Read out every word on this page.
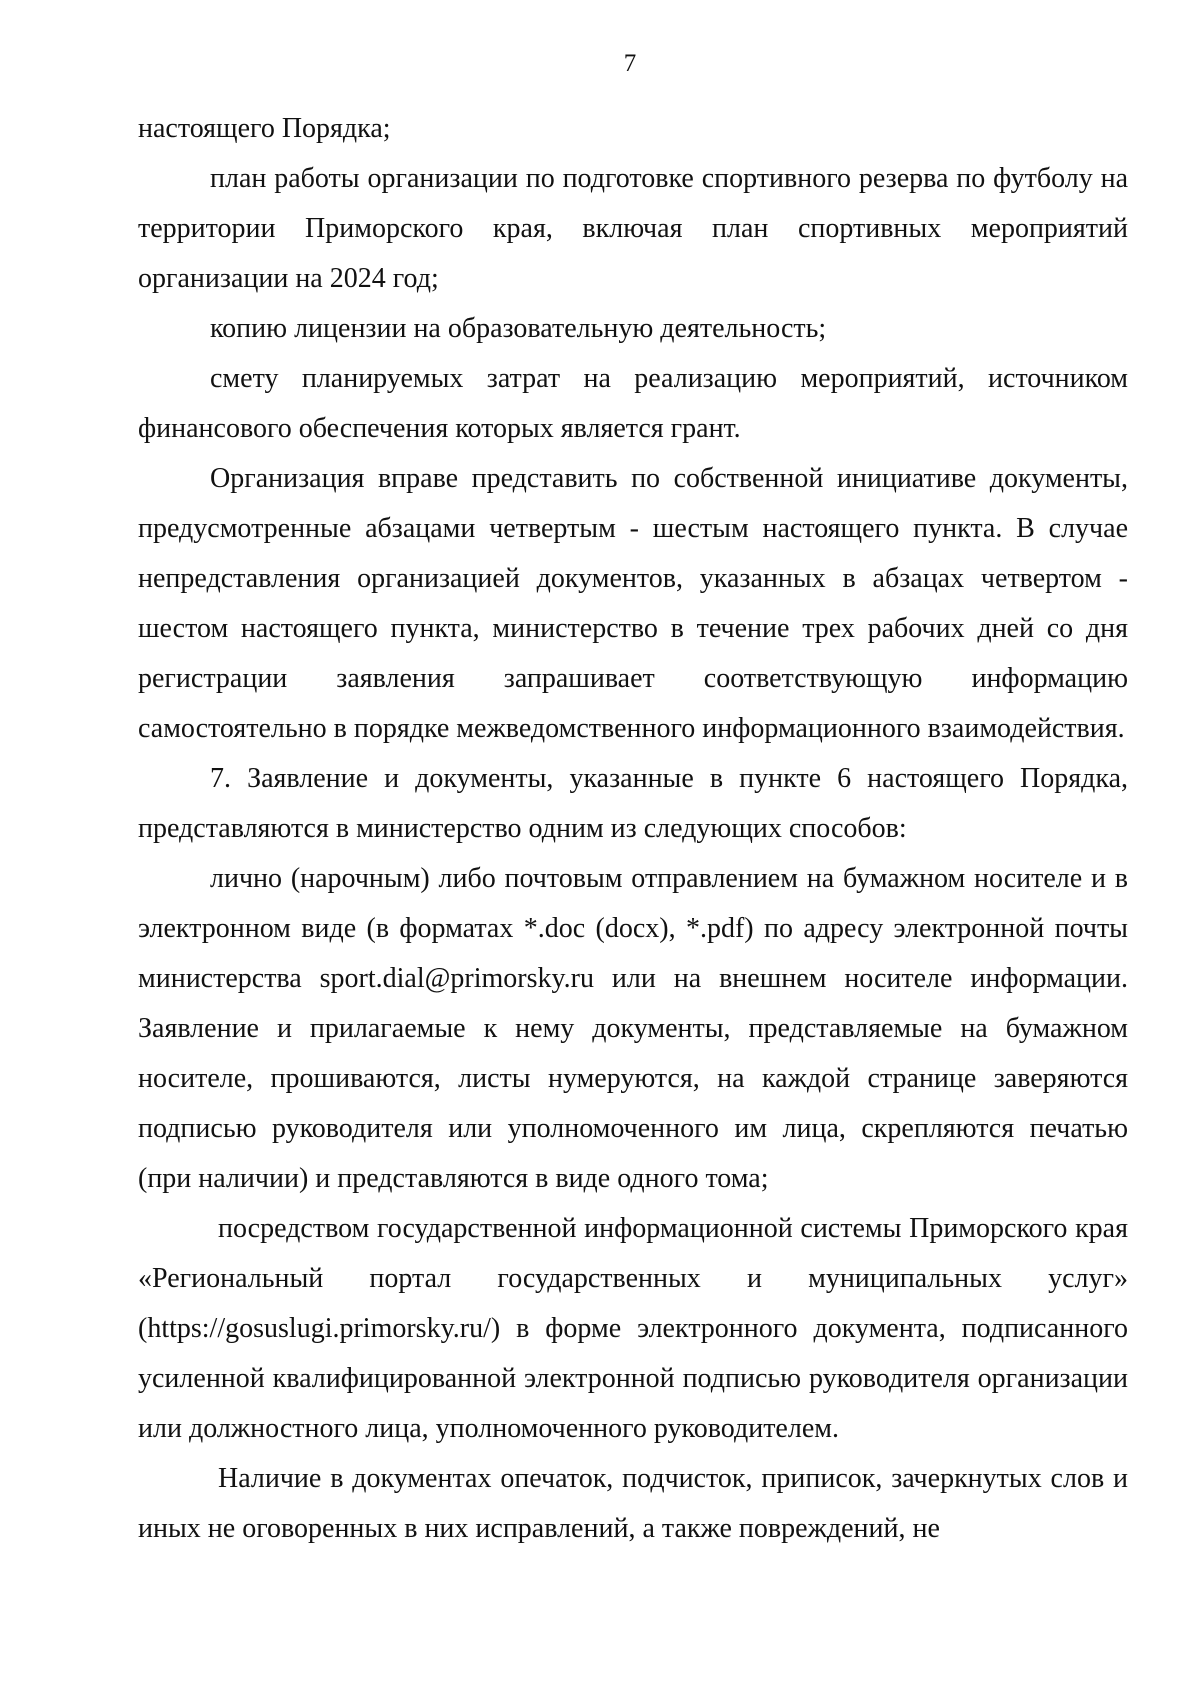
7

настоящего Порядка;

план работы организации по подготовке спортивного резерва по футболу на территории Приморского края, включая план спортивных мероприятий организации на 2024 год;

копию лицензии на образовательную деятельность;

смету планируемых затрат на реализацию мероприятий, источником финансового обеспечения которых является грант.

Организация вправе представить по собственной инициативе документы, предусмотренные абзацами четвертым - шестым настоящего пункта. В случае непредставления организацией документов, указанных в абзацах четвертом - шестом настоящего пункта, министерство в течение трех рабочих дней со дня регистрации заявления запрашивает соответствующую информацию самостоятельно в порядке межведомственного информационного взаимодействия.

7. Заявление и документы, указанные в пункте 6 настоящего Порядка, представляются в министерство одним из следующих способов:

лично (нарочным) либо почтовым отправлением на бумажном носителе и в электронном виде (в форматах *.doc (docx), *.pdf) по адресу электронной почты министерства sport.dial@primorsky.ru или на внешнем носителе информации. Заявление и прилагаемые к нему документы, представляемые на бумажном носителе, прошиваются, листы нумеруются, на каждой странице заверяются подписью руководителя или уполномоченного им лица, скрепляются печатью (при наличии) и представляются в виде одного тома;

посредством государственной информационной системы Приморского края «Региональный портал государственных и муниципальных услуг» (https://gosuslugi.primorsky.ru/) в форме электронного документа, подписанного усиленной квалифицированной электронной подписью руководителя организации или должностного лица, уполномоченного руководителем.

Наличие в документах опечаток, подчисток, приписок, зачеркнутых слов и иных не оговоренных в них исправлений, а также повреждений, не
